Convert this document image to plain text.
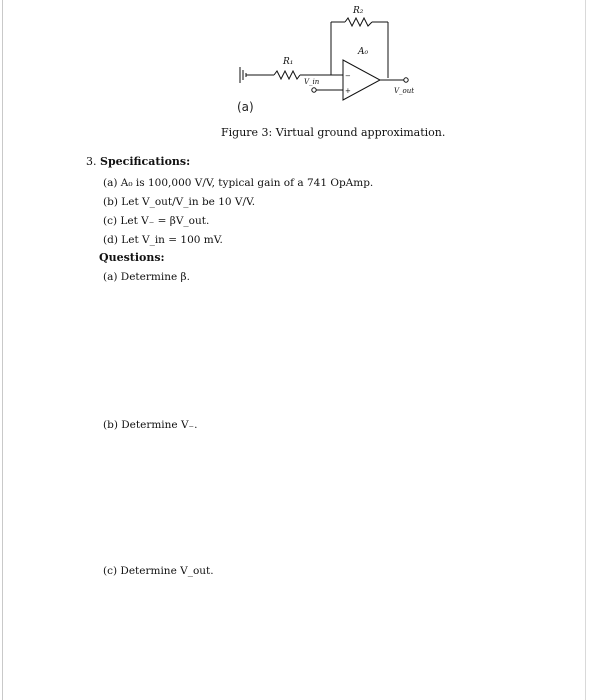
R₂
R₁
A₀
V_in
V_out
−
+
(a)
Figure 3: Virtual ground approximation.
3. Specifications:
(a) A₀ is 100,000 V/V, typical gain of a 741 OpAmp.
(b) Let V_out/V_in be 10 V/V.
(c) Let V₋ = βV_out.
(d) Let V_in = 100 mV.
Questions:
(a) Determine β.
(b) Determine V₋.
(c) Determine V_out.
